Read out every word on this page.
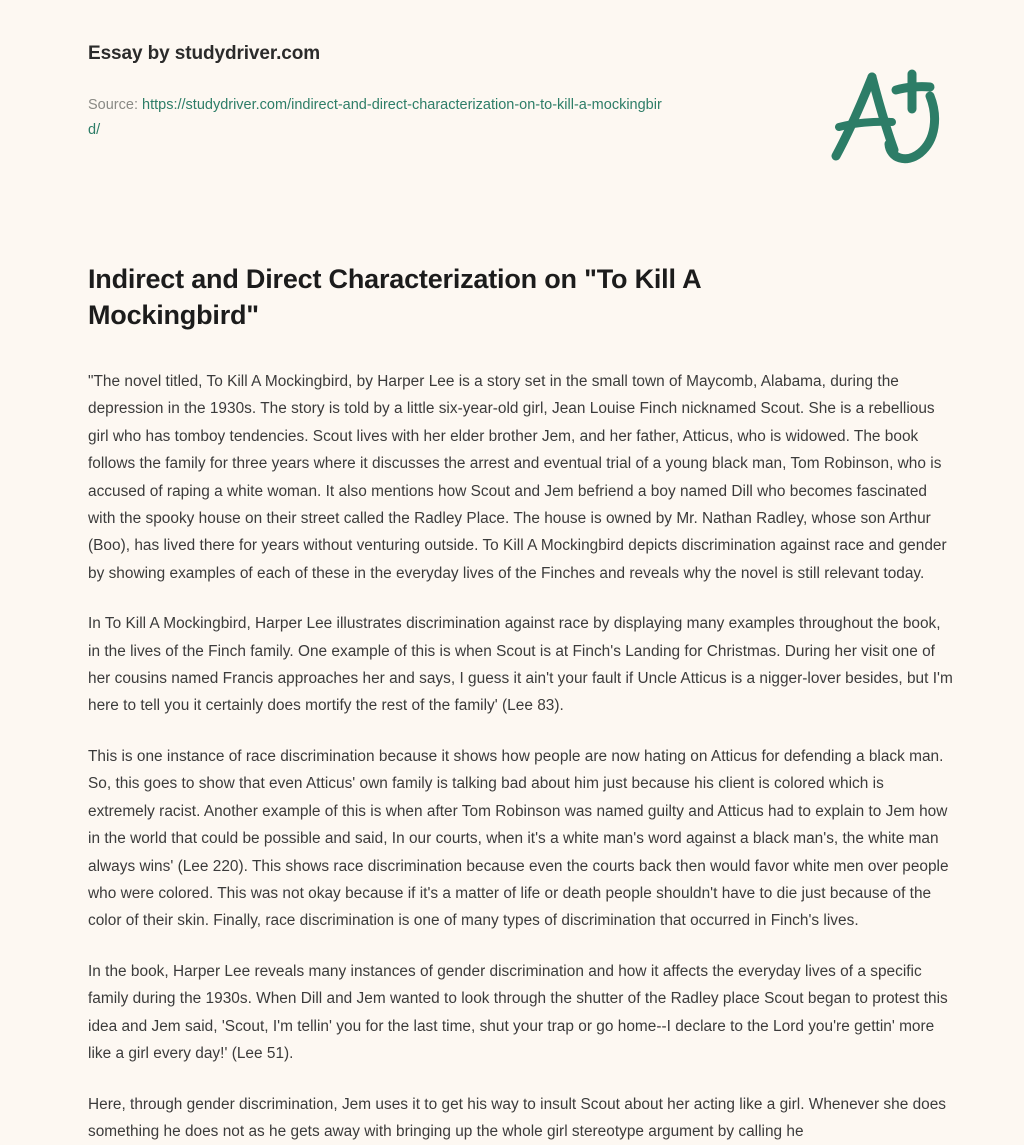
Essay by studydriver.com

Source: https://studydriver.com/indirect-and-direct-characterization-on-to-kill-a-mockingbird/

Indirect and Direct Characterization on "To Kill A Mockingbird"

"The novel titled, To Kill A Mockingbird, by Harper Lee is a story set in the small town of Maycomb, Alabama, during the depression in the 1930s. The story is told by a little six-year-old girl, Jean Louise Finch nicknamed Scout. She is a rebellious girl who has tomboy tendencies. Scout lives with her elder brother Jem, and her father, Atticus, who is widowed. The book follows the family for three years where it discusses the arrest and eventual trial of a young black man, Tom Robinson, who is accused of raping a white woman. It also mentions how Scout and Jem befriend a boy named Dill who becomes fascinated with the spooky house on their street called the Radley Place. The house is owned by Mr. Nathan Radley, whose son Arthur (Boo), has lived there for years without venturing outside. To Kill A Mockingbird depicts discrimination against race and gender by showing examples of each of these in the everyday lives of the Finches and reveals why the novel is still relevant today.

In To Kill A Mockingbird, Harper Lee illustrates discrimination against race by displaying many examples throughout the book, in the lives of the Finch family. One example of this is when Scout is at Finch's Landing for Christmas. During her visit one of her cousins named Francis approaches her and says, I guess it ain't your fault if Uncle Atticus is a nigger-lover besides, but I'm here to tell you it certainly does mortify the rest of the family' (Lee 83).

This is one instance of race discrimination because it shows how people are now hating on Atticus for defending a black man. So, this goes to show that even Atticus' own family is talking bad about him just because his client is colored which is extremely racist. Another example of this is when after Tom Robinson was named guilty and Atticus had to explain to Jem how in the world that could be possible and said, In our courts, when it's a white man's word against a black man's, the white man always wins' (Lee 220). This shows race discrimination because even the courts back then would favor white men over people who were colored. This was not okay because if it's a matter of life or death people shouldn't have to die just because of the color of their skin. Finally, race discrimination is one of many types of discrimination that occurred in Finch's lives.

In the book, Harper Lee reveals many instances of gender discrimination and how it affects the everyday lives of a specific family during the 1930s. When Dill and Jem wanted to look through the shutter of the Radley place Scout began to protest this idea and Jem said, 'Scout, I'm tellin' you for the last time, shut your trap or go home--I declare to the Lord you're gettin' more like a girl every day!' (Lee 51).

Here, through gender discrimination, Jem uses it to get his way to insult Scout about her acting like a girl. Whenever she does something he does not as he gets away with bringing up the whole girl stereotype argument by calling he
